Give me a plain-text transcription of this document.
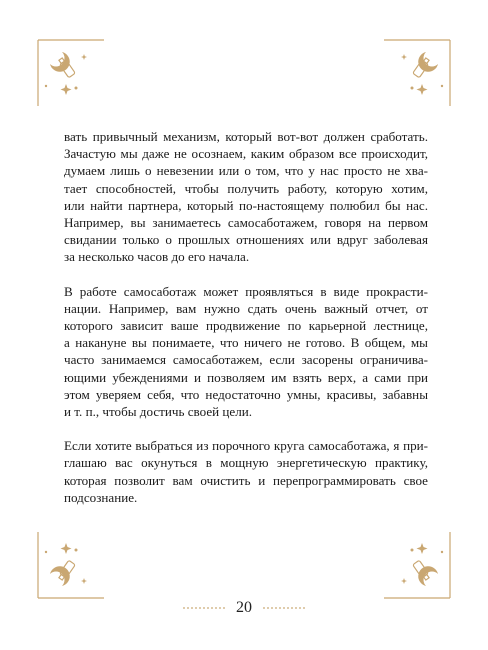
вать привычный механизм, который вот-вот должен сработать.
Зачастую мы даже не осознаем, каким образом все происходит,
думаем лишь о невезении или о том, что у нас просто не хва-
тает способностей, чтобы получить работу, которую хотим,
или найти партнера, который по-настоящему полюбил бы нас.
Например, вы занимаетесь самосаботажем, говоря на первом
свидании только о прошлых отношениях или вдруг заболевая
за несколько часов до его начала.

В работе самосаботаж может проявляться в виде прокрасти-
нации. Например, вам нужно сдать очень важный отчет, от
которого зависит ваше продвижение по карьерной лестнице,
а накануне вы понимаете, что ничего не готово. В общем, мы
часто занимаемся самосаботажем, если засорены ограничива-
ющими убеждениями и позволяем им взять верх, а сами при
этом уверяем себя, что недостаточно умны, красивы, забавны
и т. п., чтобы достичь своей цели.

Если хотите выбраться из порочного круга самосаботажа, я при-
глашаю вас окунуться в мощную энергетическую практику,
которая позволит вам очистить и перепрограммировать свое
подсознание.

20
